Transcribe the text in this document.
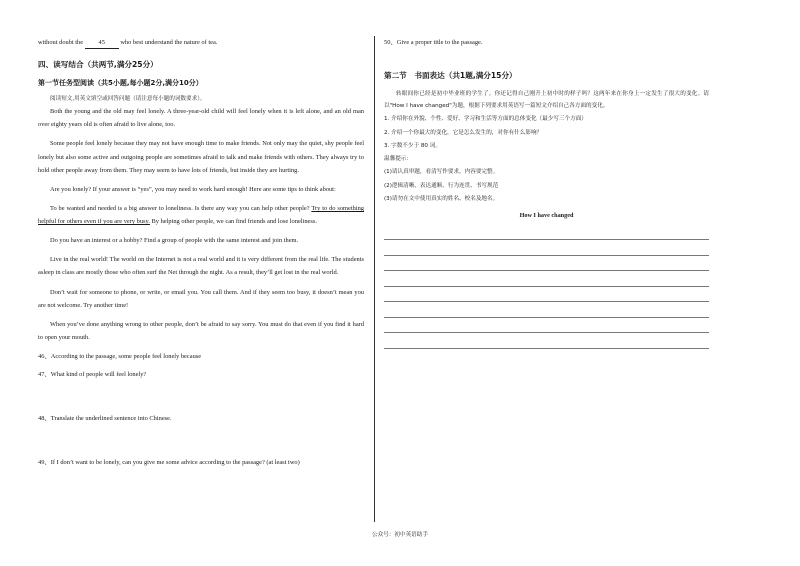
without doubt the 45 who best understand the nature of tea.
四、读写结合（共两节,满分25分）
第一节任务型阅读（共5小题,每小题2分,满分10分）
阅读短文,用英文填空或回答问题（请注意每小题的词数要求）。
Both the young and the old may feel lonely. A three-year-old child will feel lonely when it is left alone, and an old man over eighty years old is often afraid to live alone, too.
Some people feel lonely because they may not have enough time to make friends. Not only may the quiet, shy people feel lonely but also some active and outgoing people are sometimes afraid to talk and make friends with others. They always try to hold other people away from them. They may seem to have lots of friends, but inside they are hurting.
Are you lonely? If your answer is “yes”, you may need to work hard enough! Here are some tips to think about:
To be wanted and needed is a big answer to loneliness. Is there any way you can help other people? Try to do something helpful for others even if you are very busy. By helping other people, we can find friends and lose loneliness.
Do you have an interest or a hobby? Find a group of people with the same interest and join them.
Live in the real world! The world on the Internet is not a real world and it is very different from the real life. The students asleep in class are mostly those who often surf the Net through the night. As a result, they’ll get lost in the real world.
Don’t wait for someone to phone, or write, or email you. You call them. And if they seem too busy, it doesn’t mean you are not welcome. Try another time!
When you’ve done anything wrong to other people, don’t be afraid to say sorry. You must do that even if you find it hard to open your mouth.
46、According to the passage, some people feel lonely because
47、What kind of people will feel lonely?
48、Translate the underlined sentence into Chinese.
49、If I don’t want to be lonely, can you give me some advice according to the passage? (at least two)
50、Give a proper title to the passage.
第二节　书面表达（共1题,满分15分）
转眼间你已经是初中毕业班的学生了。你还记得自己刚升上初中时的样子吗？这两年来在你身上一定发生了很大的变化。请以"How I have changed"为题，根据下列要求用英语写一篇短文介绍自己各方面的变化。
1. 介绍你在外貌、个性、爱好、学习和生活等方面的总体变化（最少写三个方面）
2. 介绍一个你最大的变化，它是怎么发生的，对你有什么影响？
3. 字数不少于 80 词。
温馨提示：
(1)请认真审题，看清写作要求，内容要完整。
(2)逻辑清晰、表达通顺、行为连贯、书写规范
(3)请勿在文中使用真实的姓名、校名及地名。
How I have changed
公众号：初中英语助手
